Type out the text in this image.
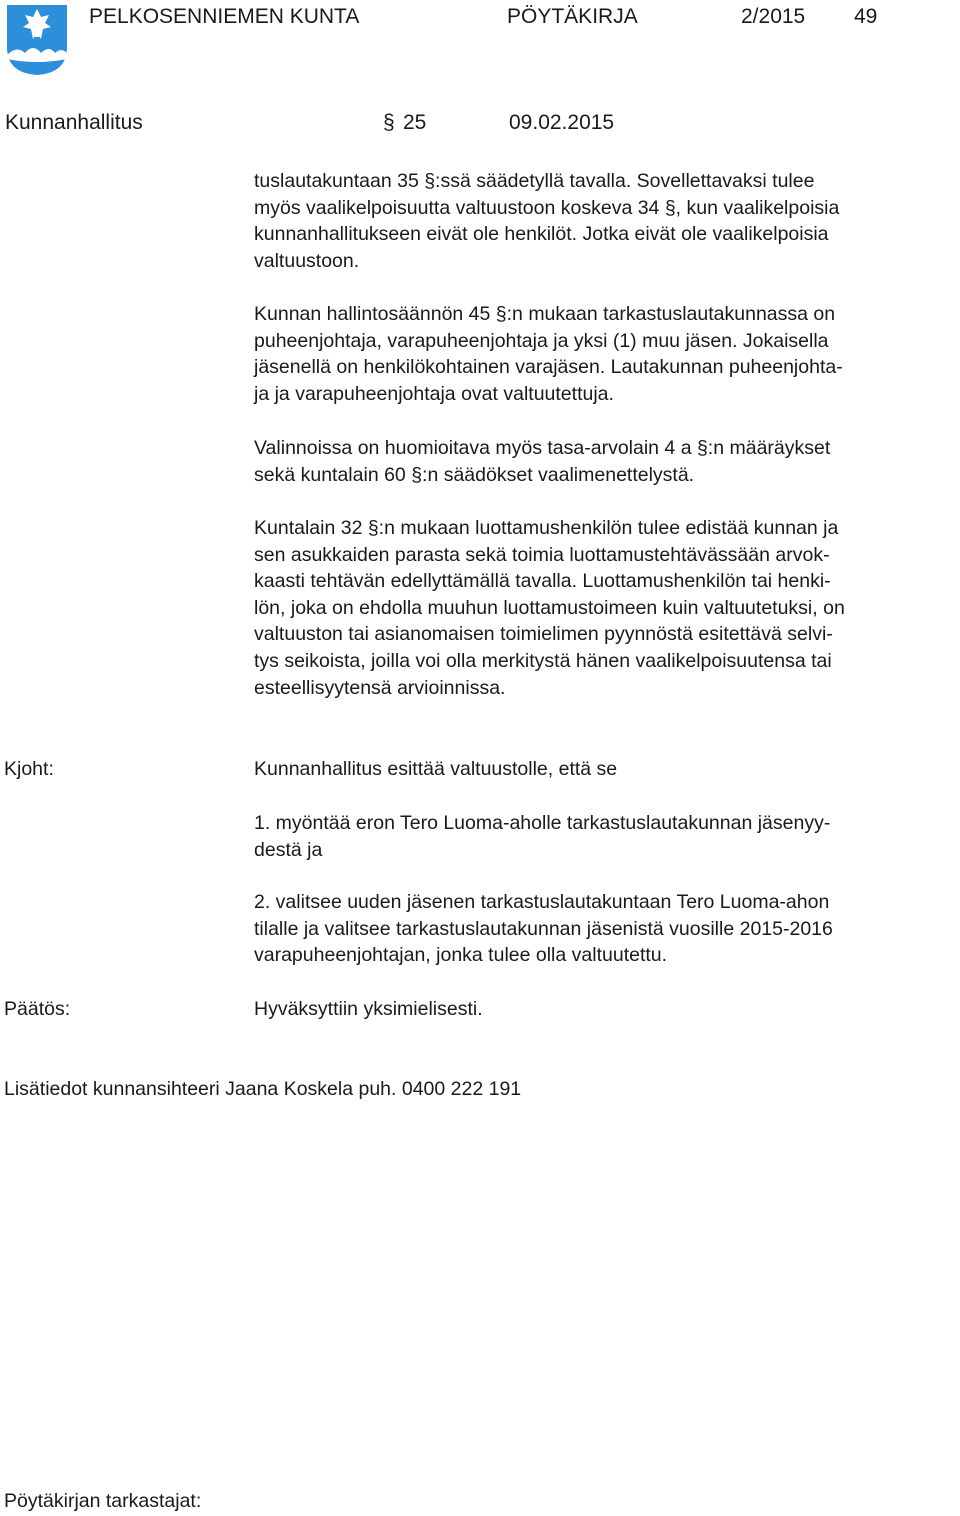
PELKOSENNIEMEN KUNTA	PÖYTÄKIRJA	2/2015 49
Kunnanhallitus	§ 25	09.02.2015

tuslautakuntaan 35 §:ssä säädetyllä tavalla. Sovellettavaksi tulee
myös vaalikelpoisuutta valtuustoon koskeva 34 §, kun vaalikelpoisia
kunnanhallitukseen eivät ole henkilöt. Jotka eivät ole vaalikelpoisia
valtuustoon.

Kunnan hallintosäännön 45 §:n mukaan tarkastuslautakunnassa on
puheenjohtaja, varapuheenjohtaja ja yksi (1) muu jäsen. Jokaisella
jäsenellä on henkilökohtainen varajäsen. Lautakunnan puheenjohta-
ja ja varapuheenjohtaja ovat valtuutettuja.

Valinnoissa on huomioitava myös tasa-arvolain 4 a §:n määräykset
sekä kuntalain 60 §:n säädökset vaalimenettelystä.

Kuntalain 32 §:n mukaan luottamushenkilön tulee edistää kunnan ja
sen asukkaiden parasta sekä toimia luottamustehtävässään arvok-
kaasti tehtävän edellyttämällä tavalla. Luottamushenkilön tai henki-
lön, joka on ehdolla muuhun luottamustoimeen kuin valtuutetuksi, on
valtuuston tai asianomaisen toimielimen pyynnöstä esitettävä selvi-
tys seikoista, joilla voi olla merkitystä hänen vaalikelpoisuutensa tai
esteellisyytensä arvioinnissa.

Kjoht:	Kunnanhallitus esittää valtuustolle, että se

1. myöntää eron Tero Luoma-aholle tarkastuslautakunnan jäsenyy-
destä ja

2. valitsee uuden jäsenen tarkastuslautakuntaan Tero Luoma-ahon
tilalle ja valitsee tarkastuslautakunnan jäsenistä vuosille 2015-2016
varapuheenjohtajan, jonka tulee olla valtuutettu.

Päätös:	Hyväksyttiin yksimielisesti.

Lisätiedot kunnansihteeri Jaana Koskela puh. 0400 222 191
Pöytäkirjan tarkastajat:
